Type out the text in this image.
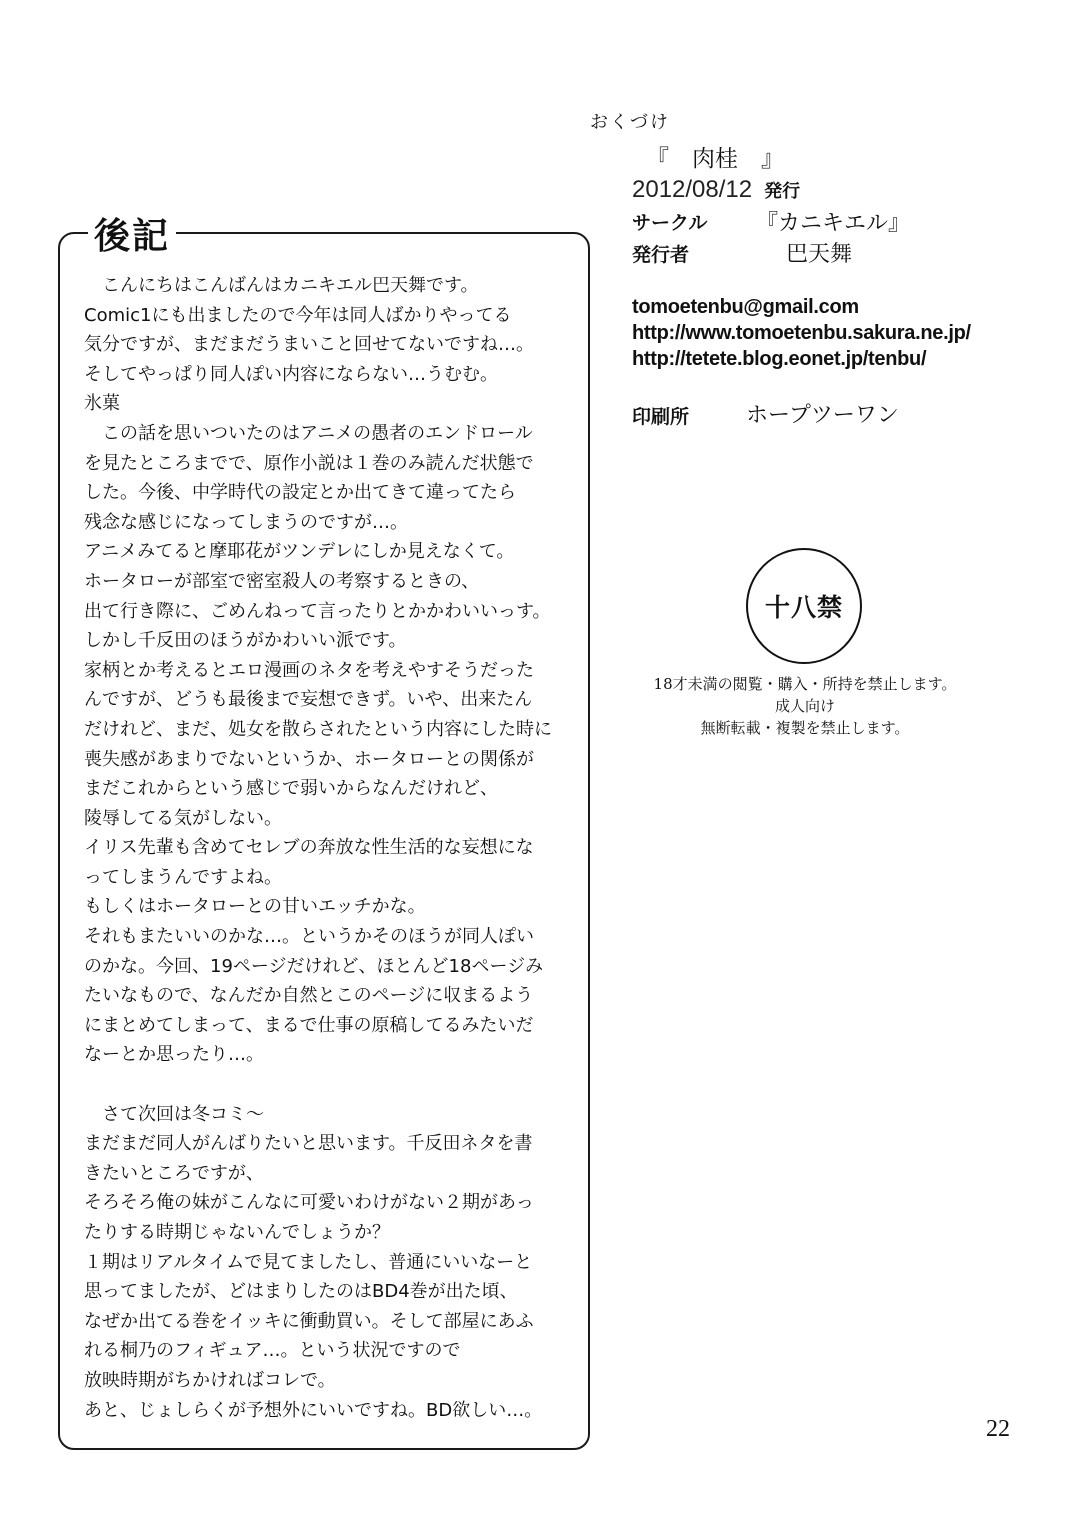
後記
　こんにちはこんばんはカニキエル巴天舞です。
Comic1にも出ましたので今年は同人ばかりやってる
気分ですが、まだまだうまいこと回せてないですね…。
そしてやっぱり同人ぽい内容にならない…うむむ。
氷菓
　この話を思いついたのはアニメの愚者のエンドロール
を見たところまでで、原作小説は１巻のみ読んだ状態で
した。今後、中学時代の設定とか出てきて違ってたら
残念な感じになってしまうのですが…。
アニメみてると摩耶花がツンデレにしか見えなくて。
ホータローが部室で密室殺人の考察するときの、
出て行き際に、ごめんねって言ったりとかかわいいっす。
しかし千反田のほうがかわいい派です。
家柄とか考えるとエロ漫画のネタを考えやすそうだった
んですが、どうも最後まで妄想できず。いや、出来たん
だけれど、まだ、処女を散らされたという内容にした時に
喪失感があまりでないというか、ホータローとの関係が
まだこれからという感じで弱いからなんだけれど、
陵辱してる気がしない。
イリス先輩も含めてセレブの奔放な性生活的な妄想にな
ってしまうんですよね。
もしくはホータローとの甘いエッチかな。
それもまたいいのかな…。というかそのほうが同人ぽい
のかな。今回、19ページだけれど、ほとんど18ページみ
たいなもので、なんだか自然とこのページに収まるよう
にまとめてしまって、まるで仕事の原稿してるみたいだ
なーとか思ったり…。
　さて次回は冬コミ～
まだまだ同人がんばりたいと思います。千反田ネタを書
きたいところですが、
そろそろ俺の妹がこんなに可愛いわけがない２期があっ
たりする時期じゃないんでしょうか？
１期はリアルタイムで見てましたし、普通にいいなーと
思ってましたが、どはまりしたのはBD4巻が出た頃、
なぜか出てる巻をイッキに衝動買い。そして部屋にあふ
れる桐乃のフィギュア…。という状況ですので
放映時期がちかければコレで。
あと、じょしらくが予想外にいいですね。BD欲しい…。
おくづけ
『　肉桂　』
2012/08/12 発行
サークル 『カニキエル』
発行者	巴天舞
tomoetenbu@gmail.com
http://www.tomoetenbu.sakura.ne.jp/
http://tetete.blog.eonet.jp/tenbu/
印刷所	ホープツーワン
十八禁
18才未満の閲覧・購入・所持を禁止します。
成人向け
無断転載・複製を禁止します。
22
